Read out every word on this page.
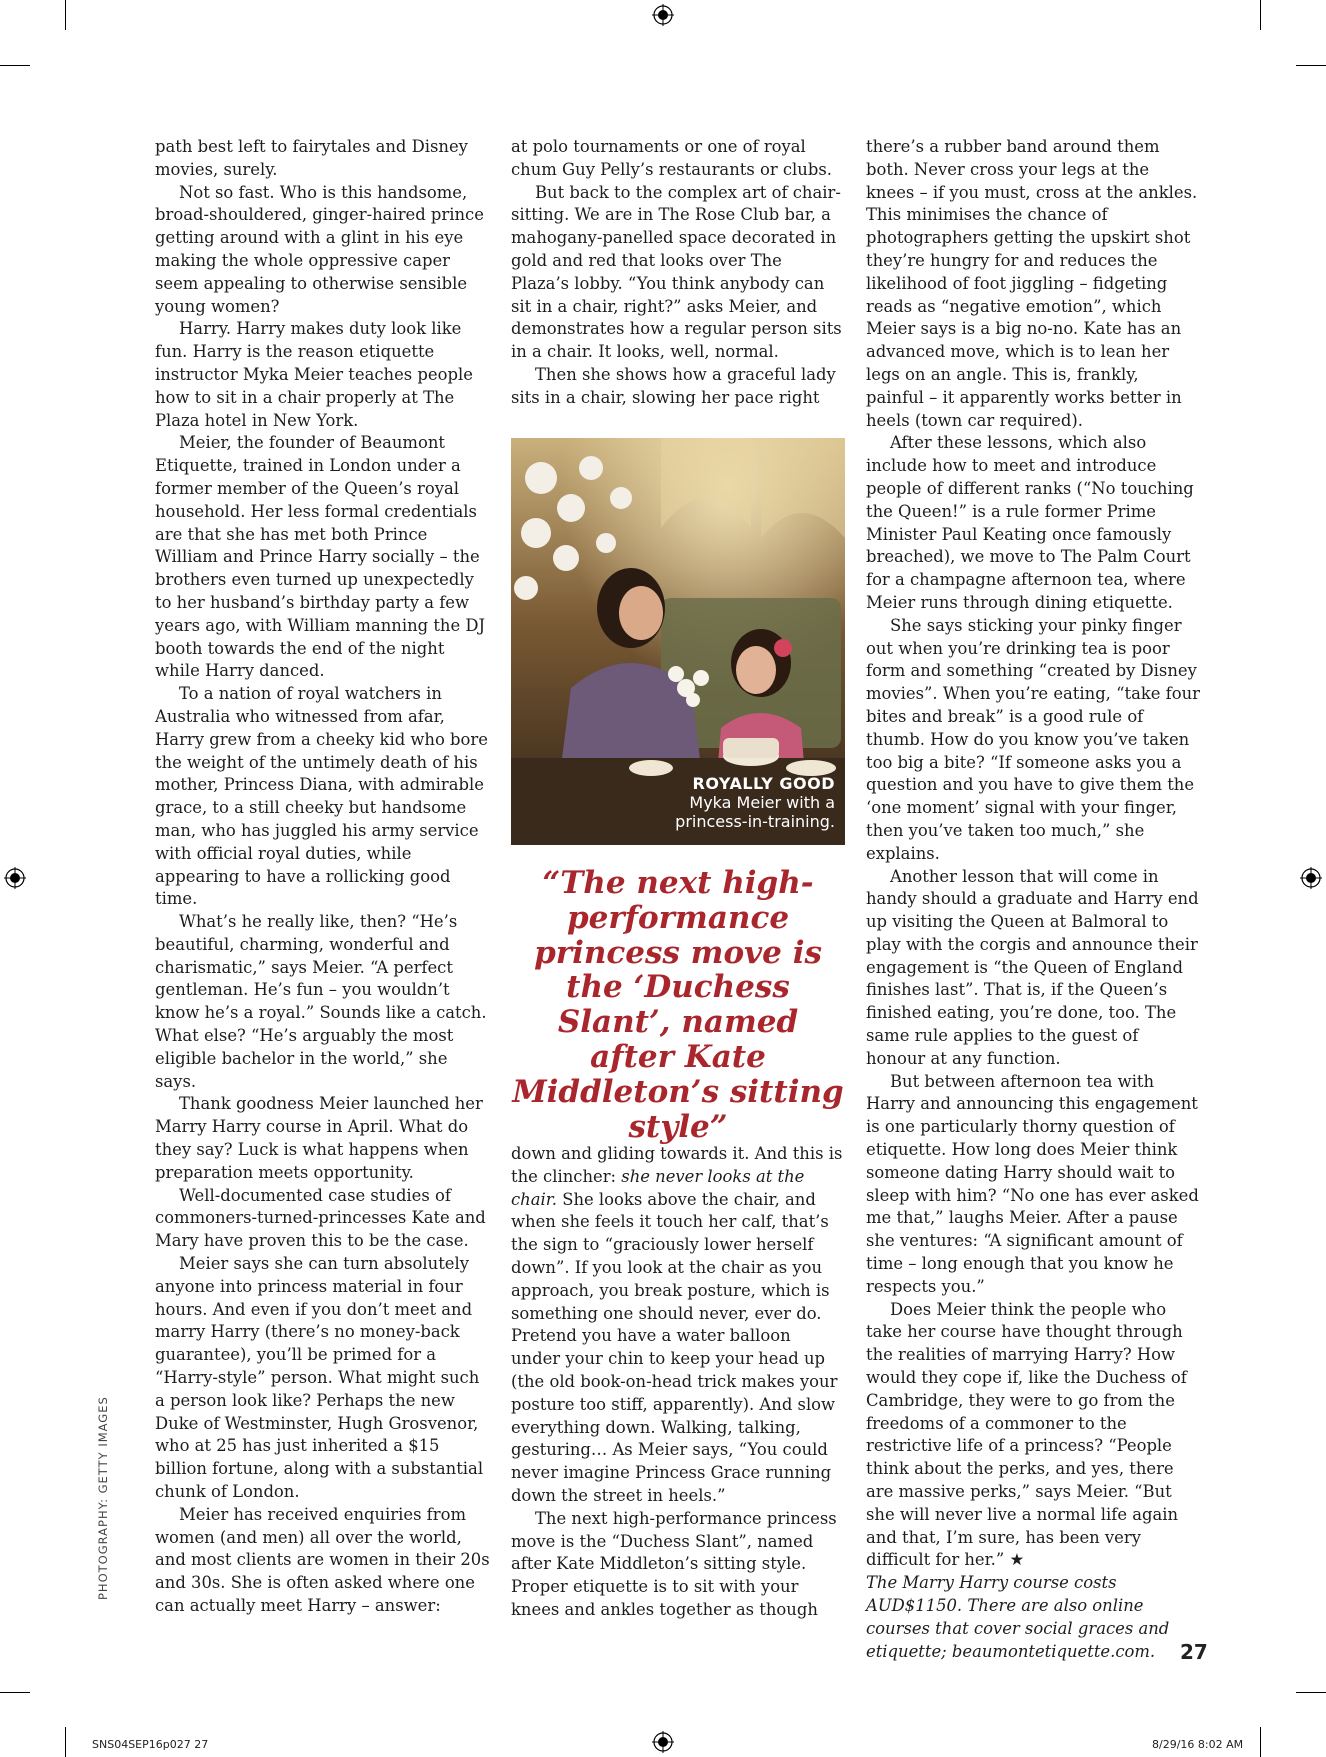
path best left to fairytales and Disney movies, surely.

Not so fast. Who is this handsome, broad-shouldered, ginger-haired prince getting around with a glint in his eye making the whole oppressive caper seem appealing to otherwise sensible young women?

Harry. Harry makes duty look like fun. Harry is the reason etiquette instructor Myka Meier teaches people how to sit in a chair properly at The Plaza hotel in New York.

Meier, the founder of Beaumont Etiquette, trained in London under a former member of the Queen’s royal household. Her less formal credentials are that she has met both Prince William and Prince Harry socially – the brothers even turned up unexpectedly to her husband’s birthday party a few years ago, with William manning the DJ booth towards the end of the night while Harry danced.

To a nation of royal watchers in Australia who witnessed from afar, Harry grew from a cheeky kid who bore the weight of the untimely death of his mother, Princess Diana, with admirable grace, to a still cheeky but handsome man, who has juggled his army service with official royal duties, while appearing to have a rollicking good time.

What’s he really like, then? “He’s beautiful, charming, wonderful and charismatic,” says Meier. “A perfect gentleman. He’s fun – you wouldn’t know he’s a royal.” Sounds like a catch. What else? “He’s arguably the most eligible bachelor in the world,” she says.

Thank goodness Meier launched her Marry Harry course in April. What do they say? Luck is what happens when preparation meets opportunity.

Well-documented case studies of commoners-turned-princesses Kate and Mary have proven this to be the case.

Meier says she can turn absolutely anyone into princess material in four hours. And even if you don’t meet and marry Harry (there’s no money-back guarantee), you’ll be primed for a “Harry-style” person. What might such a person look like? Perhaps the new Duke of Westminster, Hugh Grosvenor, who at 25 has just inherited a $15 billion fortune, along with a substantial chunk of London.

Meier has received enquiries from women (and men) all over the world, and most clients are women in their 20s and 30s. She is often asked where one can actually meet Harry – answer:

at polo tournaments or one of royal chum Guy Pelly’s restaurants or clubs.

But back to the complex art of chair-sitting. We are in The Rose Club bar, a mahogany-panelled space decorated in gold and red that looks over The Plaza’s lobby. “You think anybody can sit in a chair, right?” asks Meier, and demonstrates how a regular person sits in a chair. It looks, well, normal.

Then she shows how a graceful lady sits in a chair, slowing her pace right

ROYALLY GOOD
Myka Meier with a princess-in-training.
“The next high-performance princess move is the ‘Duchess Slant’, named after Kate Middleton’s sitting style”

down and gliding towards it. And this is the clincher: she never looks at the chair. She looks above the chair, and when she feels it touch her calf, that’s the sign to “graciously lower herself down”. If you look at the chair as you approach, you break posture, which is something one should never, ever do. Pretend you have a water balloon under your chin to keep your head up (the old book-on-head trick makes your posture too stiff, apparently). And slow everything down. Walking, talking, gesturing… As Meier says, “You could never imagine Princess Grace running down the street in heels.”

The next high-performance princess move is the “Duchess Slant”, named after Kate Middleton’s sitting style. Proper etiquette is to sit with your knees and ankles together as though

there’s a rubber band around them both. Never cross your legs at the knees – if you must, cross at the ankles. This minimises the chance of photographers getting the upskirt shot they’re hungry for and reduces the likelihood of foot jiggling – fidgeting reads as “negative emotion”, which Meier says is a big no-no. Kate has an advanced move, which is to lean her legs on an angle. This is, frankly, painful – it apparently works better in heels (town car required).

After these lessons, which also include how to meet and introduce people of different ranks (“No touching the Queen!” is a rule former Prime Minister Paul Keating once famously breached), we move to The Palm Court for a champagne afternoon tea, where Meier runs through dining etiquette.

She says sticking your pinky finger out when you’re drinking tea is poor form and something “created by Disney movies”. When you’re eating, “take four bites and break” is a good rule of thumb. How do you know you’ve taken too big a bite? “If someone asks you a question and you have to give them the ‘one moment’ signal with your finger, then you’ve taken too much,” she explains.

Another lesson that will come in handy should a graduate and Harry end up visiting the Queen at Balmoral to play with the corgis and announce their engagement is “the Queen of England finishes last”. That is, if the Queen’s finished eating, you’re done, too. The same rule applies to the guest of honour at any function.

But between afternoon tea with Harry and announcing this engagement is one particularly thorny question of etiquette. How long does Meier think someone dating Harry should wait to sleep with him? “No one has ever asked me that,” laughs Meier. After a pause she ventures: “A significant amount of time – long enough that you know he respects you.”

Does Meier think the people who take her course have thought through the realities of marrying Harry? How would they cope if, like the Duchess of Cambridge, they were to go from the freedoms of a commoner to the restrictive life of a princess? “People think about the perks, and yes, there are massive perks,” says Meier. “But she will never live a normal life again and that, I’m sure, has been very difficult for her.” ★

The Marry Harry course costs AUD$1150. There are also online courses that cover social graces and etiquette; beaumontetiquette.com.

PHOTOGRAPHY: GETTY IMAGES
27
SNS04SEP16p027 27	8/29/16 8:02 AM
